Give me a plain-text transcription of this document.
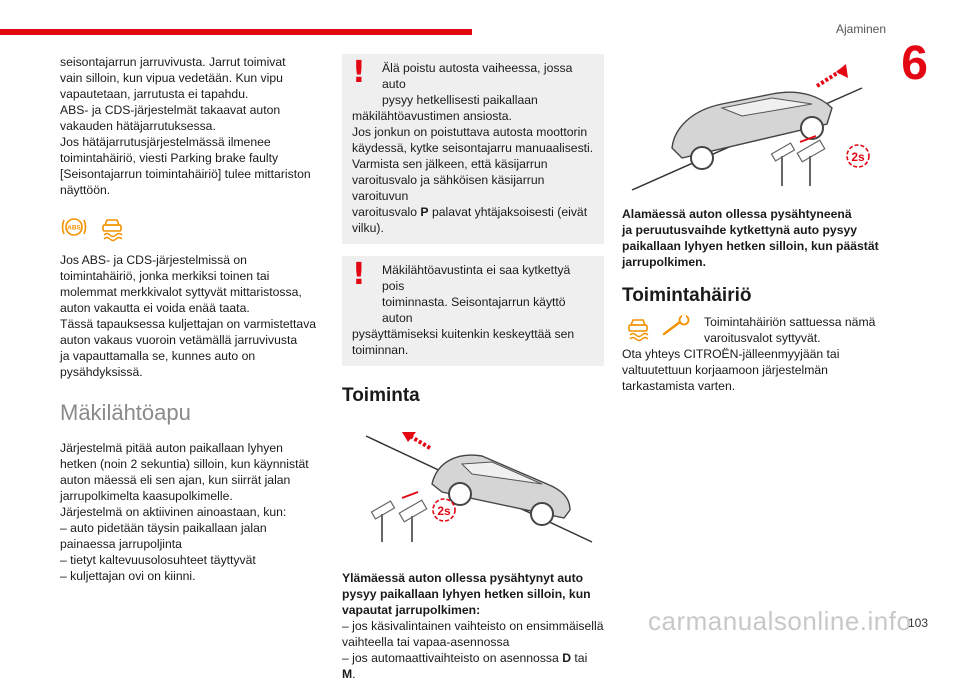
Ajaminen
6
seisontajarrun jarruvivusta. Jarrut toimivat
vain silloin, kun vipua vedetään. Kun vipu
vapautetaan, jarrutusta ei tapahdu.
ABS- ja CDS-järjestelmät takaavat auton
vakauden hätäjarrutuksessa.
Jos hätäjarrutusjärjestelmässä ilmenee
toimintahäiriö, viesti Parking brake faulty
[Seisontajarrun toimintahäiriö] tulee mittariston
näyttöön.
ABS
Jos ABS- ja CDS-järjestelmissä on
toimintahäiriö, jonka merkiksi toinen tai
molemmat merkkivalot syttyvät mittaristossa,
auton vakautta ei voida enää taata.
Tässä tapauksessa kuljettajan on varmistettava
auton vakaus vuoroin vetämällä jarruvivusta
ja vapauttamalla se, kunnes auto on
pysähdyksissä.
Mäkilähtöapu
Järjestelmä pitää auton paikallaan lyhyen
hetken (noin 2 sekuntia) silloin, kun käynnistät
auton mäessä eli sen ajan, kun siirrät jalan
jarrupolkimelta kaasupolkimelle.
Järjestelmä on aktiivinen ainoastaan, kun:
– auto pidetään täysin paikallaan jalan
painaessa jarrupoljinta
– tietyt kaltevuusolosuhteet täyttyvät
– kuljettajan ovi on kiinni.
!	Älä poistu autosta vaiheessa, jossa auto
pysyy hetkellisesti paikallaan
mäkilähtöavustimen ansiosta.
Jos jonkun on poistuttava autosta moottorin
käydessä, kytke seisontajarru manuaalisesti.
Varmista sen jälkeen, että käsijarrun
varoitusvalo ja sähköisen käsijarrun varoituvun
varoitusvalo P palavat yhtäjaksoisesti (eivät
vilku).
!	Mäkilähtöavustinta ei saa kytkettyä pois
toiminnasta. Seisontajarrun käyttö auton
pysäyttämiseksi kuitenkin keskeyttää sen
toiminnan.
Toiminta
2s
Ylämäessä auton ollessa pysähtynyt auto
pysyy paikallaan lyhyen hetken silloin, kun
vapautat jarrupolkimen:
– jos käsivalintainen vaihteisto on ensimmäisellä
vaihteella tai vapaa-asennossa
– jos automaattivaihteisto on asennossa D tai M.
2s
Alamäessä auton ollessa pysähtyneenä
ja peruutusvaihde kytkettynä auto pysyy
paikallaan lyhyen hetken silloin, kun päästät
jarrupolkimen.
Toimintahäiriö
Toimintahäiriön sattuessa nämä
varoitusvalot syttyvät.
Ota yhteys CITROËN-jälleenmyyjään tai
valtuutettuun korjaamoon järjestelmän
tarkastamista varten.
carmanualsonline.info
103
